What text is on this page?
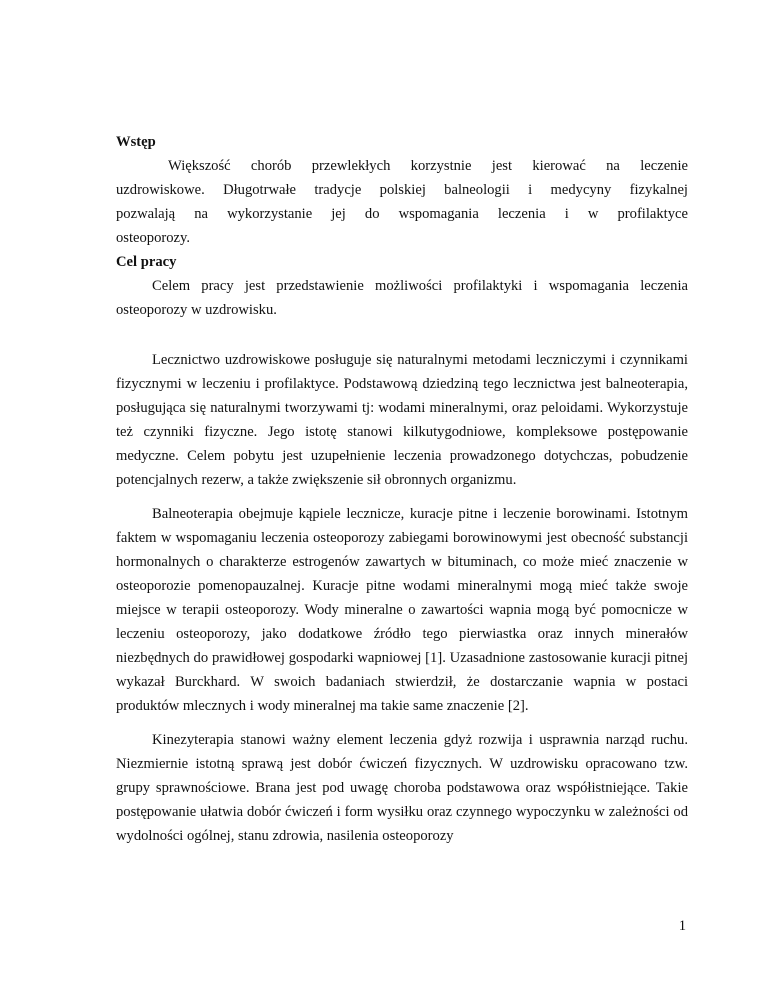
Wstęp

Większość chorób przewlekłych korzystnie jest kierować na leczenie uzdrowiskowe. Długotrwałe tradycje polskiej balneologii i medycyny fizykalnej pozwalają na wykorzystanie jej do wspomagania leczenia i w profilaktyce osteoporozy.

Cel pracy

Celem pracy jest przedstawienie możliwości profilaktyki i wspomagania leczenia osteoporozy w uzdrowisku.

Lecznictwo uzdrowiskowe posługuje się naturalnymi metodami leczniczymi i czynnikami fizycznymi w leczeniu i profilaktyce. Podstawową dziedziną tego lecznictwa jest balneoterapia, posługująca się naturalnymi tworzywami tj: wodami mineralnymi, oraz peloidami. Wykorzystuje też czynniki fizyczne. Jego istotę stanowi kilkutygodniowe, kompleksowe postępowanie medyczne. Celem pobytu jest uzupełnienie leczenia prowadzonego dotychczas, pobudzenie potencjalnych rezerw, a także zwiększenie sił obronnych organizmu.

Balneoterapia obejmuje kąpiele lecznicze, kuracje pitne i leczenie borowinami. Istotnym faktem w wspomaganiu leczenia osteoporozy zabiegami borowinowymi jest obecność substancji hormonalnych o charakterze estrogenów zawartych w bituminach, co może mieć znaczenie w osteoporozie pomenopauzalnej. Kuracje pitne wodami mineralnymi mogą mieć także swoje miejsce w terapii osteoporozy. Wody mineralne o zawartości wapnia mogą być pomocnicze w leczeniu osteoporozy, jako dodatkowe źródło tego pierwiastka oraz innych minerałów niezbędnych do prawidłowej gospodarki wapniowej [1]. Uzasadnione zastosowanie kuracji pitnej wykazał Burckhard. W swoich badaniach stwierdził, że dostarczanie wapnia w postaci produktów mlecznych i wody mineralnej ma takie same znaczenie [2].

Kinezyterapia stanowi ważny element leczenia gdyż rozwija i usprawnia narząd ruchu. Niezmiernie istotną sprawą jest dobór ćwiczeń fizycznych. W uzdrowisku opracowano tzw. grupy sprawnościowe. Brana jest pod uwagę choroba podstawowa oraz współistniejące. Takie postępowanie ułatwia dobór ćwiczeń i form wysiłku oraz czynnego wypoczynku w zależności od wydolności ogólnej, stanu zdrowia, nasilenia osteoporozy

1
